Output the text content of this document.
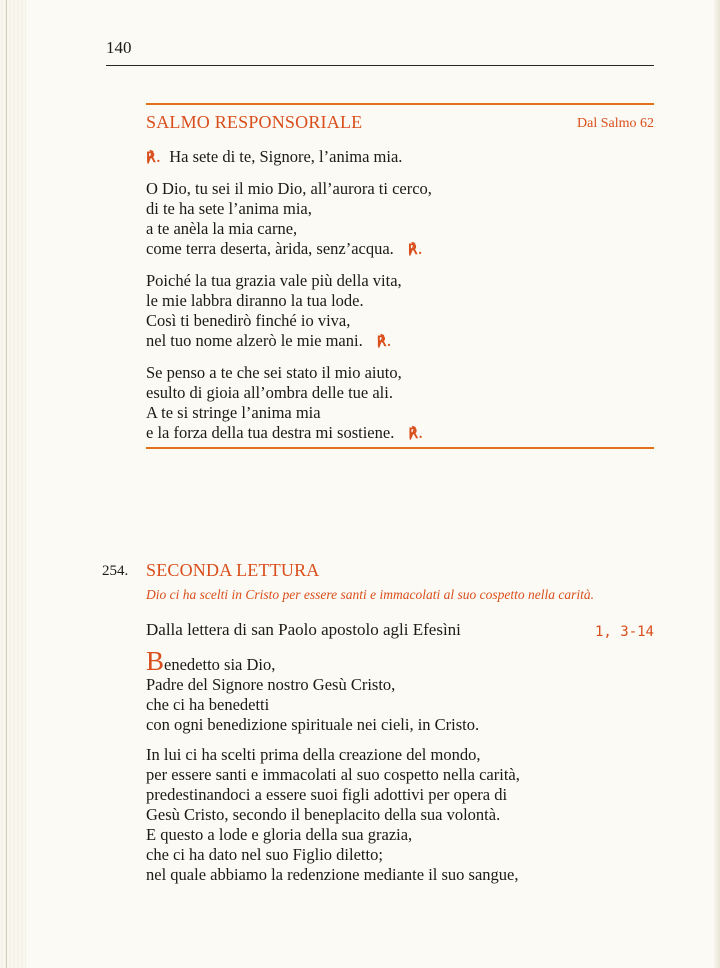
140
SALMO RESPONSORIALE	Dal Salmo 62
℟. Ha sete di te, Signore, l’anima mia.
O Dio, tu sei il mio Dio, all’aurora ti cerco,
di te ha sete l’anima mia,
a te anèla la mia carne,
come terra deserta, àrida, senz’acqua. ℟.
Poiché la tua grazia vale più della vita,
le mie labbra diranno la tua lode.
Così ti benedirò finché io viva,
nel tuo nome alzerò le mie mani. ℟.
Se penso a te che sei stato il mio aiuto,
esulto di gioia all’ombra delle tue ali.
A te si stringe l’anima mia
e la forza della tua destra mi sostiene. ℟.
254. SECONDA LETTURA
Dio ci ha scelti in Cristo per essere santi e immacolati al suo cospetto nella carità.
Dalla lettera di san Paolo apostolo agli Efesìni	1, 3-14
Benedetto sia Dio,
Padre del Signore nostro Gesù Cristo,
che ci ha benedetti
con ogni benedizione spirituale nei cieli, in Cristo.
In lui ci ha scelti prima della creazione del mondo,
per essere santi e immacolati al suo cospetto nella carità,
predestinandoci a essere suoi figli adottivi per opera di
Gesù Cristo, secondo il beneplacito della sua volontà.
E questo a lode e gloria della sua grazia,
che ci ha dato nel suo Figlio diletto;
nel quale abbiamo la redenzione mediante il suo sangue,
